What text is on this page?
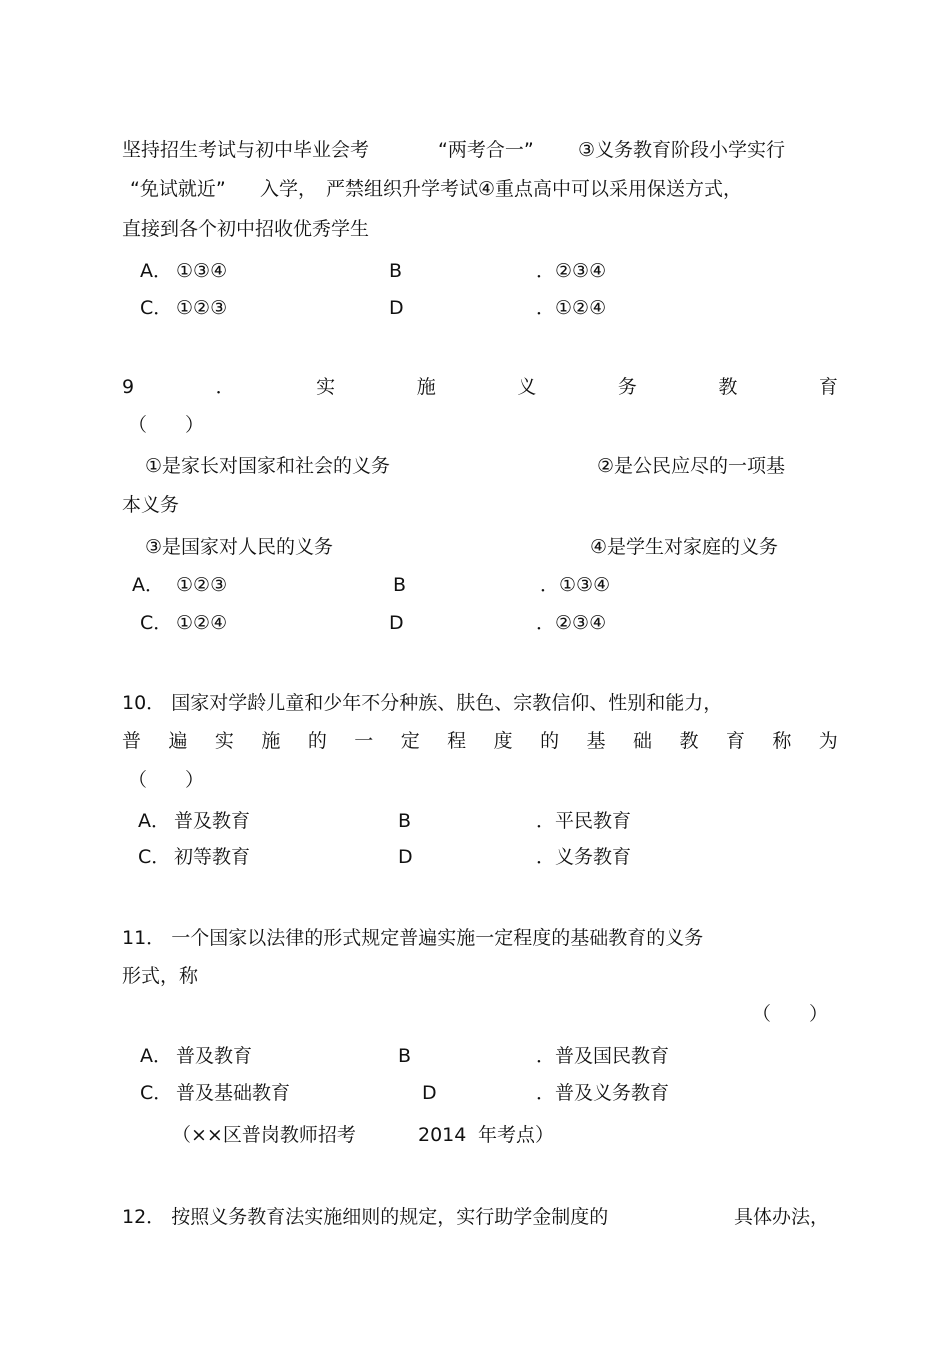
坚持招生考试与初中毕业会考	“两考合一” ③义务教育阶段小学实行
“免试就近” 入学， 严禁组织升学考试④重点高中可以采用保送方式，
直接到各个初中招收优秀学生
A． ①③④	B	．②③④
C． ①②③	D	．①②④
9	．	实	施	义	务	教	育
（　　）
①是家长对国家和社会的义务	②是公民应尽的一项基
本义务
③是国家对人民的义务	④是学生对家庭的义务
A． ①②③	B	．①③④
C． ①②④	D	．②③④
10． 国家对学龄儿童和少年不分种族、肤色、宗教信仰、性别和能力，
普 遍 实 施 的 一 定 程 度 的 基 础 教 育 称 为
（　　）
A． 普及教育	B	．平民教育
C． 初等教育	D	．义务教育
11． 一个国家以法律的形式规定普遍实施一定程度的基础教育的义务
形式，称
（　　）
A． 普及教育	B	．普及国民教育
C． 普及基础教育	D	．普及义务教育
（××区普岗教师招考	2014 年考点）
12． 按照义务教育法实施细则的规定，实行助学金制度的	具体办法，
